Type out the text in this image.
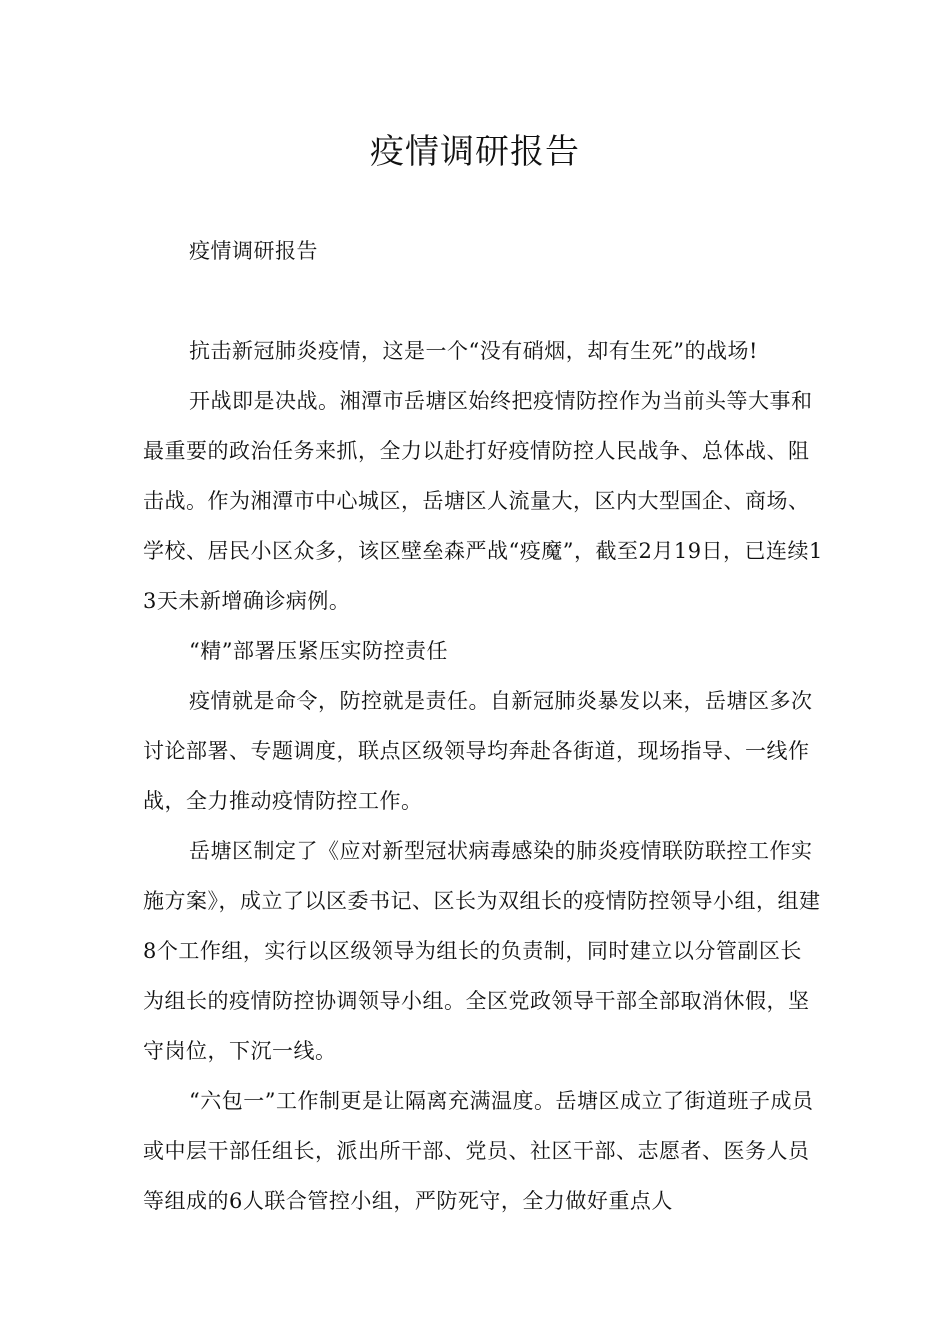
疫情调研报告

疫情调研报告

抗击新冠肺炎疫情，这是一个“没有硝烟，却有生死”的战场!

开战即是决战。湘潭市岳塘区始终把疫情防控作为当前头等大事和最重要的政治任务来抓，全力以赴打好疫情防控人民战争、总体战、阻击战。作为湘潭市中心城区，岳塘区人流量大，区内大型国企、商场、学校、居民小区众多，该区壁垒森严战“疫魔”，截至2月19日，已连续13天未新增确诊病例。

“精”部署压紧压实防控责任

疫情就是命令，防控就是责任。自新冠肺炎暴发以来，岳塘区多次讨论部署、专题调度，联点区级领导均奔赴各街道，现场指导、一线作战，全力推动疫情防控工作。

岳塘区制定了《应对新型冠状病毒感染的肺炎疫情联防联控工作实施方案》，成立了以区委书记、区长为双组长的疫情防控领导小组，组建8个工作组，实行以区级领导为组长的负责制，同时建立以分管副区长为组长的疫情防控协调领导小组。全区党政领导干部全部取消休假，坚守岗位，下沉一线。

“六包一”工作制更是让隔离充满温度。岳塘区成立了街道班子成员或中层干部任组长，派出所干部、党员、社区干部、志愿者、医务人员等组成的6人联合管控小组，严防死守，全力做好重点人
